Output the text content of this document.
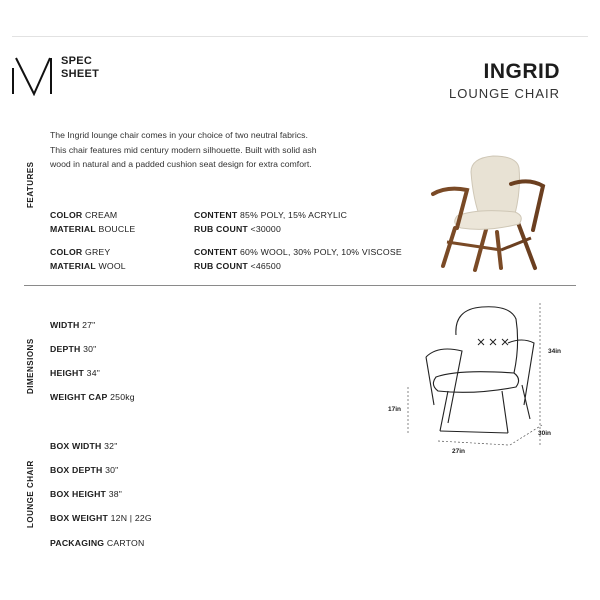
SPEC
SHEET	INGRID
LOUNGE CHAIR
FEATURES
DIMENSIONS
LOUNGE CHAIR
The Ingrid lounge chair comes in your choice of two neutral fabrics.
This chair features mid century modern silhouette. Built with solid ash
wood in natural and a padded cushion seat design for extra comfort.
COLOR CREAM
MATERIAL BOUCLE
CONTENT 85% POLY, 15% ACRYLIC
RUB COUNT <30000
COLOR GREY
MATERIAL WOOL
CONTENT 60% WOOL, 30% POLY, 10% VISCOSE
RUB COUNT <46500
WIDTH 27"
DEPTH 30"
HEIGHT 34"
WEIGHT CAP 250kg
BOX WIDTH 32"
BOX DEPTH 30"
BOX HEIGHT 38"
BOX WEIGHT 12N | 22G
PACKAGING CARTON
34in
17in
30in
27in
